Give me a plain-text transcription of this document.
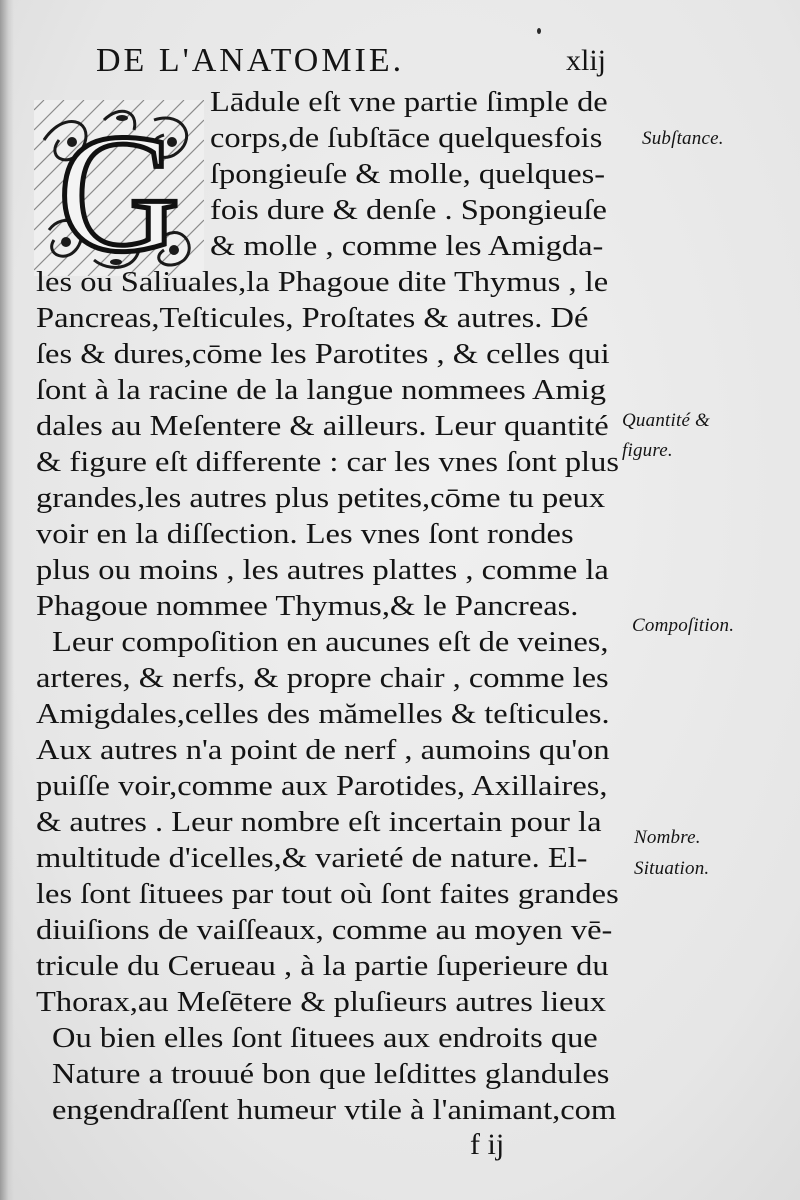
DE L'ANATOMIE.	xlij
G Lādule eſt vne partie ſimple de
corps,de ſubſtāce quelquesfois
ſpongieuſe & molle, quelques-
fois dure & denſe . Spongieuſe
& molle , comme les Amigda-
les ou Saliuales,la Phagoue dite Thymus , le
Pancreas,Teſticules, Proſtates & autres. Dé
ſes & dures,cōme les Parotites , & celles qui
ſont à la racine de la langue nommees Amig
dales au Meſentere & ailleurs. Leur quantité
& figure eſt differente : car les vnes ſont plus
grandes,les autres plus petites,cōme tu peux
voir en la diſſection. Les vnes ſont rondes
plus ou moins , les autres plattes , comme la
Phagoue nommee Thymus,& le Pancreas.
Leur compoſition en aucunes eſt de veines,
arteres, & nerfs, & propre chair , comme les
Amigdales,celles des mămelles & teſticules.
Aux autres n'a point de nerf , aumoins qu'on
puiſſe voir,comme aux Parotides, Axillaires,
& autres . Leur nombre eſt incertain pour la
multitude d'icelles,& varieté de nature. El-
les ſont ſituees par tout où ſont faites grandes
diuiſions de vaiſſeaux, comme au moyen vē-
tricule du Cerueau , à la partie ſuperieure du
Thorax,au Meſētere & pluſieurs autres lieux
Ou bien elles ſont ſituees aux endroits que
Nature a trouué bon que leſdittes glandules
engendraſſent humeur vtile à l'animant,com
Subſtance.
Quantité &
figure.
Compoſition.
Nombre.
Situation.
f ij
